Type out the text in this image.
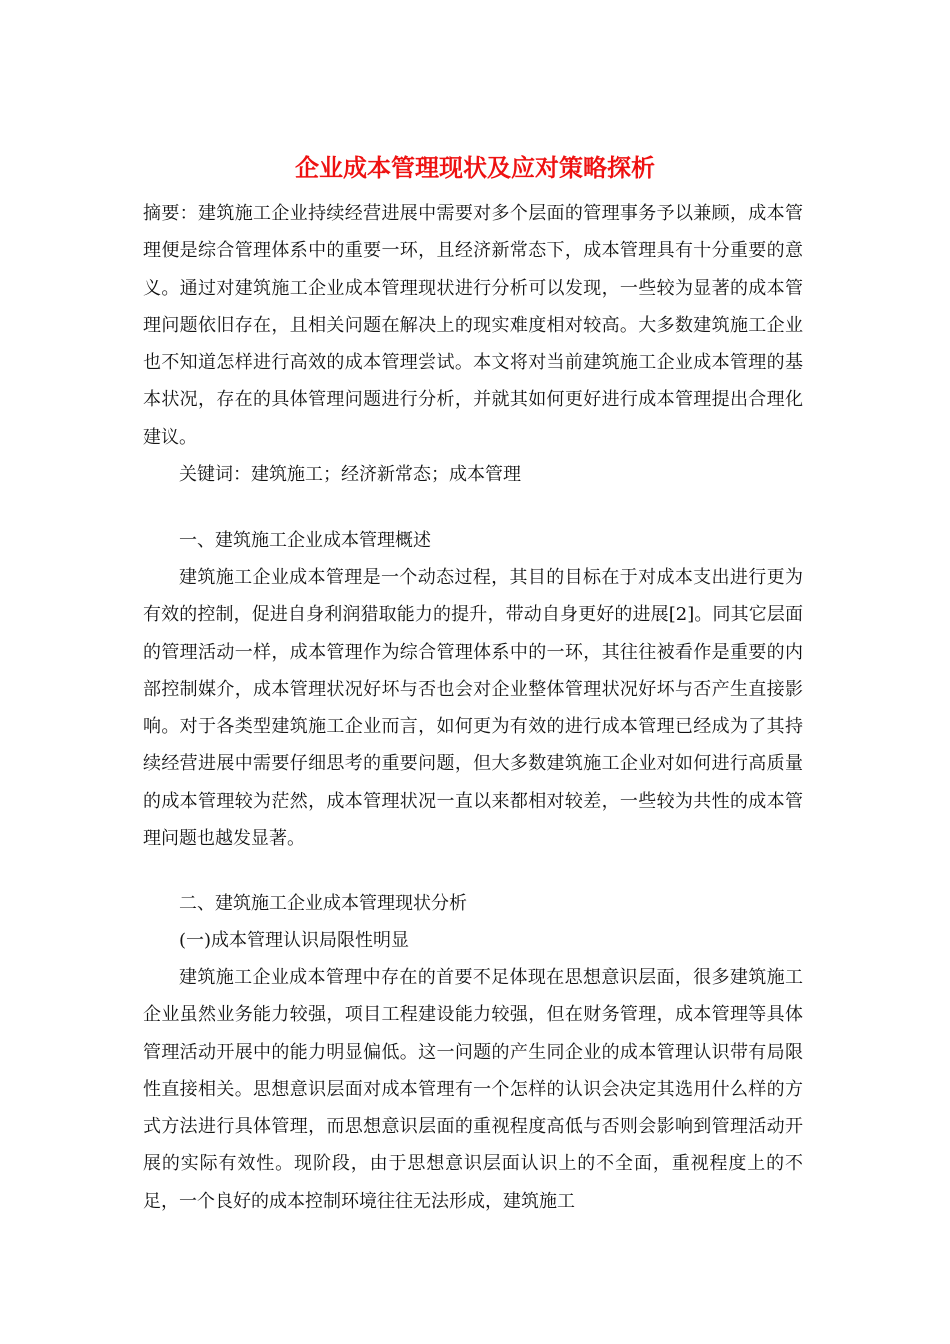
企业成本管理现状及应对策略探析

摘要：建筑施工企业持续经营进展中需要对多个层面的管理事务予以兼顾，成本管理便是综合管理体系中的重要一环，且经济新常态下，成本管理具有十分重要的意义。通过对建筑施工企业成本管理现状进行分析可以发现，一些较为显著的成本管理问题依旧存在，且相关问题在解决上的现实难度相对较高。大多数建筑施工企业也不知道怎样进行高效的成本管理尝试。本文将对当前建筑施工企业成本管理的基本状况，存在的具体管理问题进行分析，并就其如何更好进行成本管理提出合理化建议。

关键词：建筑施工；经济新常态；成本管理

一、建筑施工企业成本管理概述

建筑施工企业成本管理是一个动态过程，其目的目标在于对成本支出进行更为有效的控制，促进自身利润猎取能力的提升，带动自身更好的进展[2]。同其它层面的管理活动一样，成本管理作为综合管理体系中的一环，其往往被看作是重要的内部控制媒介，成本管理状况好坏与否也会对企业整体管理状况好坏与否产生直接影响。对于各类型建筑施工企业而言，如何更为有效的进行成本管理已经成为了其持续经营进展中需要仔细思考的重要问题，但大多数建筑施工企业对如何进行高质量的成本管理较为茫然，成本管理状况一直以来都相对较差，一些较为共性的成本管理问题也越发显著。

二、建筑施工企业成本管理现状分析

(一)成本管理认识局限性明显

建筑施工企业成本管理中存在的首要不足体现在思想意识层面，很多建筑施工企业虽然业务能力较强，项目工程建设能力较强，但在财务管理，成本管理等具体管理活动开展中的能力明显偏低。这一问题的产生同企业的成本管理认识带有局限性直接相关。思想意识层面对成本管理有一个怎样的认识会决定其选用什么样的方式方法进行具体管理，而思想意识层面的重视程度高低与否则会影响到管理活动开展的实际有效性。现阶段，由于思想意识层面认识上的不全面，重视程度上的不足，一个良好的成本控制环境往往无法形成，建筑施工
